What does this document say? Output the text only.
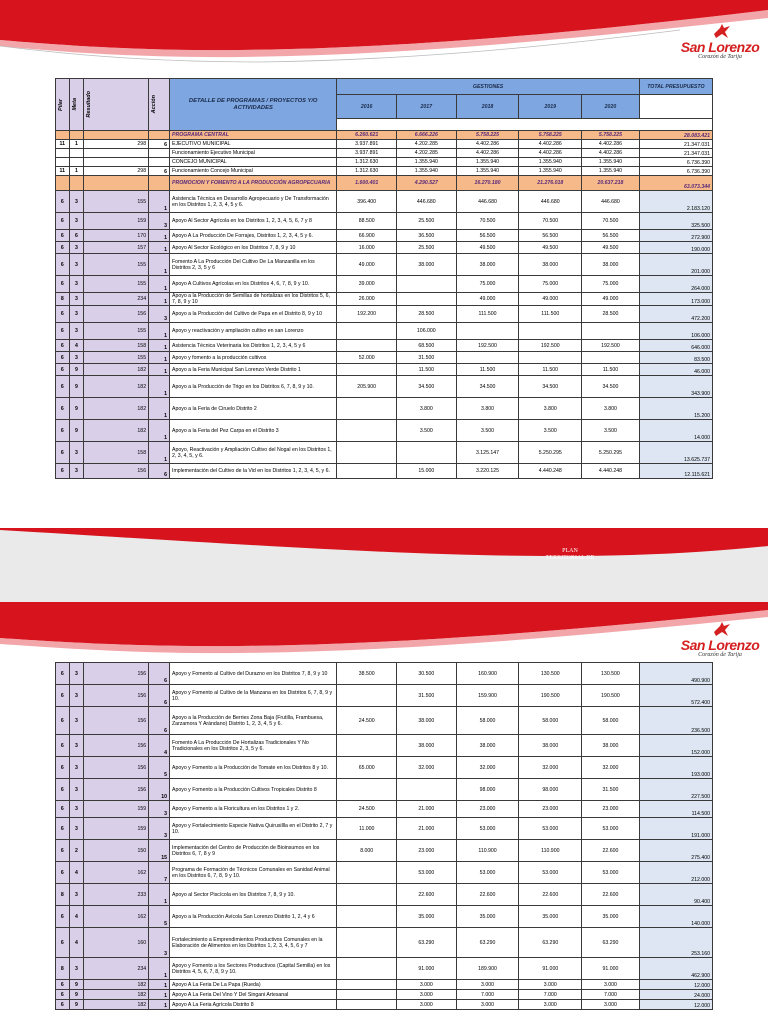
San Lorenzo
Corazón de Tarija
Pilar	Meta	Resultado	Acción	DETALLE DE PROGRAMAS / PROYECTOS Y/O ACTIVIDADES	GESTIONES					TOTAL PRESUPUESTO
					2016	2017	2018	2019	2020	

				PROGRAMA CENTRAL	6.260.621	6.666.226	5.758.225	5.758.225	5.758.225	28.083.421
11	1	298	6	EJECUTIVO MUNICIPAL	3.937.891	4.202.285	4.402.286	4.402.286	4.402.286	21.347.031
				Funcionamiento Ejecutivo Municipal	3.937.891	4.202.285	4.402.286	4.402.286	4.402.286	21.347.031
				CONCEJO MUNICIPAL	1.312.630	1.355.940	1.355.940	1.355.940	1.355.940	6.736.390
11	1	298	6	Funcionamiento Concejo Municipal	1.312.630	1.355.940	1.355.940	1.355.940	1.355.940	6.736.390
				PROMOCION Y FOMENTO A LA PRODUCCIÓN AGROPECUARIA	1.600.401	4.290.527	16.270.180	21.276.018	20.637.218	63.073.344
6	3	155	1	Asistencia Técnica en Desarrollo Agropecuario y De Transformación en los Distritos 1, 2, 3, 4, 5 y 6.	396.400	446.680	446.680	446.680	446.680	2.183.120
6	3	159	3	Apoyo Al Sector Agrícola en los Distritos 1, 2, 3, 4, 5, 6, 7 y 8	88.500	25.500	70.500	70.500	70.500	325.500
6	6	170	1	Apoyo A La Producción De Forrajes, Distritos 1, 2, 3, 4, 5 y 6.	66.900	36.500	56.500	56.500	56.500	272.900
6	3	157	1	Apoyo Al Sector Ecológico en los Distritos 7, 8, 9 y 10	16.000	25.500	49.500	49.500	49.500	190.000
6	3	155	1	Fomento A La Producción Del Cultivo De La Manzanilla en los Distritos 2, 3, 5 y 6	49.000	38.000	38.000	38.000	38.000	201.000
6	3	155	1	Apoyo A Cultivos Agrícolas en los Distritos 4, 6, 7, 8, 9 y 10.	39.000		75.000	75.000	75.000	264.000
8	3	234	1	Apoyo a la Producción de Semillas de hortalizas en los Distritos 5, 6, 7, 8, 9 y 10	26.000		49.000	49.000	49.000	173.000
6	3	156	3	Apoyo a la Producción del Cultivo de Papa en el Distrito 8, 9 y 10	192.200	28.500	111.500	111.500	28.500	472.200
6	3	155	1	Apoyo y reactivación y ampliación cultivo en san Lorenzo		106.000				106.000
6	4	158	1	Asistencia Técnica Veterinaria los Distritos 1, 2, 3, 4, 5 y 6		68.500	192.500	192.500	192.500	646.000
6	3	155	1	Apoyo y fomento a la producción cultivos	52.000	31.500				83.500
6	9	182	1	Apoyo a la Feria Municipal San Lorenzo Verde Distrito 1		11.500	11.500	11.500	11.500	46.000
6	9	182	1	Apoyo a la Producción de Trigo en los Distritos 6, 7, 8, 9 y 10.	205.900	34.500	34.500	34.500	34.500	343.900
6	9	182	1	Apoyo a la Feria de Ciruelo Distrito 2		3.800	3.800	3.800	3.800	15.200
6	9	182	1	Apoyo a la Feria del Pez Carpa en el Distrito 3		3.500	3.500	3.500	3.500	14.000
6	3	158	1	Apoyo, Reactivación y Ampliación Cultivo del Nogal en los Distritos 1, 2, 3, 4, 5, y 6.			3.125.147	5.250.295	5.250.295	13.625.737
6	3	156	6	Implementación del Cultivo de la Vid en los Distritos 1, 2, 3, 4, 5, y 6.		15.000	3.220.125	4.440.248	4.440.248	12.115.621
PLAN
TERRITORIAL DE
San Lorenzo
Corazón de Tarija
6	3	156	6	Apoyo y Fomento al Cultivo del Durazno en los Distritos 7, 8, 9 y 10	38.500	30.500	160.900	130.500	130.500	490.900
6	3	156	6	Apoyo y Fomento al Cultivo de la Manzana en los Distritos 6, 7, 8, 9 y 10.		31.500	159.900	190.500	190.500	572.400
6	3	156	6	Apoyo a la Producción de Berries Zona Baja (Frutilla, Frambuesa, Zarzamora Y Arándano) Distrito 1, 2, 3, 4, 5 y 6.	24.500	38.000	58.000	58.000	58.000	236.500
6	3	156	4	Fomento A La Producción De Hortalizas Tradicionales Y No Tradicionales en los Distritos 2, 3, 5 y 6.		38.000	38.000	38.000	38.000	152.000
6	3	156	5	Apoyo y Fomento a la Producción de Tomate en los Distritos 8 y 10.	65.000	32.000	32.000	32.000	32.000	193.000
6	3	156	10	Apoyo y Fomento a la Producción Cultivos Tropicales Distrito 8			98.000	98.000	31.500	227.500
6	3	159	3	Apoyo y Fomento a la Floricultura en los Distritos 1 y 2.	24.500	21.000	23.000	23.000	23.000	114.500
6	3	159	3	Apoyo y Fortalecimiento Especie Nativa Quirusillla en el Distrito 2, 7 y 10.	11.000	21.000	53.000	53.000	53.000	191.000
6	2	150	15	Implementación del Centro de Producción de Bioinsumos en los Distritos 6, 7, 8 y 9	8.000	23.000	110.900	110.900	22.600	275.400
6	4	162	7	Programa de Formación de Técnicos Comunales en Sanidad Animal en los Distritos 6, 7, 8, 9 y 10.		53.000	53.000	53.000	53.000	212.000
8	3	233	1	Apoyo al Sector Piscícola en los Distritos 7, 8, 9 y 10.		22.600	22.600	22.600	22.600	90.400
6	4	162	5	Apoyo a la Producción Avícola San Lorenzo Distrito 1, 2, 4 y 6		35.000	35.000	35.000	35.000	140.000
6	4	160	3	Fortalecimiento a Emprendimientos Productivos Comunales en la Elaboración de Alimentos en los Distritos 1, 2, 3, 4, 5, 6 y 7		63.290	63.290	63.290	63.290	253.160
8	3	234	1	Apoyo y Fomento a los Sectores Productivos (Capital Semilla) en los Distritos 4, 5, 6, 7, 8, 9 y 10.		91.000	189.900	91.000	91.000	462.900
6	9	182	1	Apoyo A La Feria De La Papa (Rueda)		3.000	3.000	3.000	3.000	12.000
6	9	182	1	Apoyo A La Feria Del Vino Y Del Singani Artesanal		3.000	7.000	7.000	7.000	24.000
6	9	182	1	Apoyo A La Feria Agrícola Distrito 8		3.000	3.000	3.000	3.000	12.000
